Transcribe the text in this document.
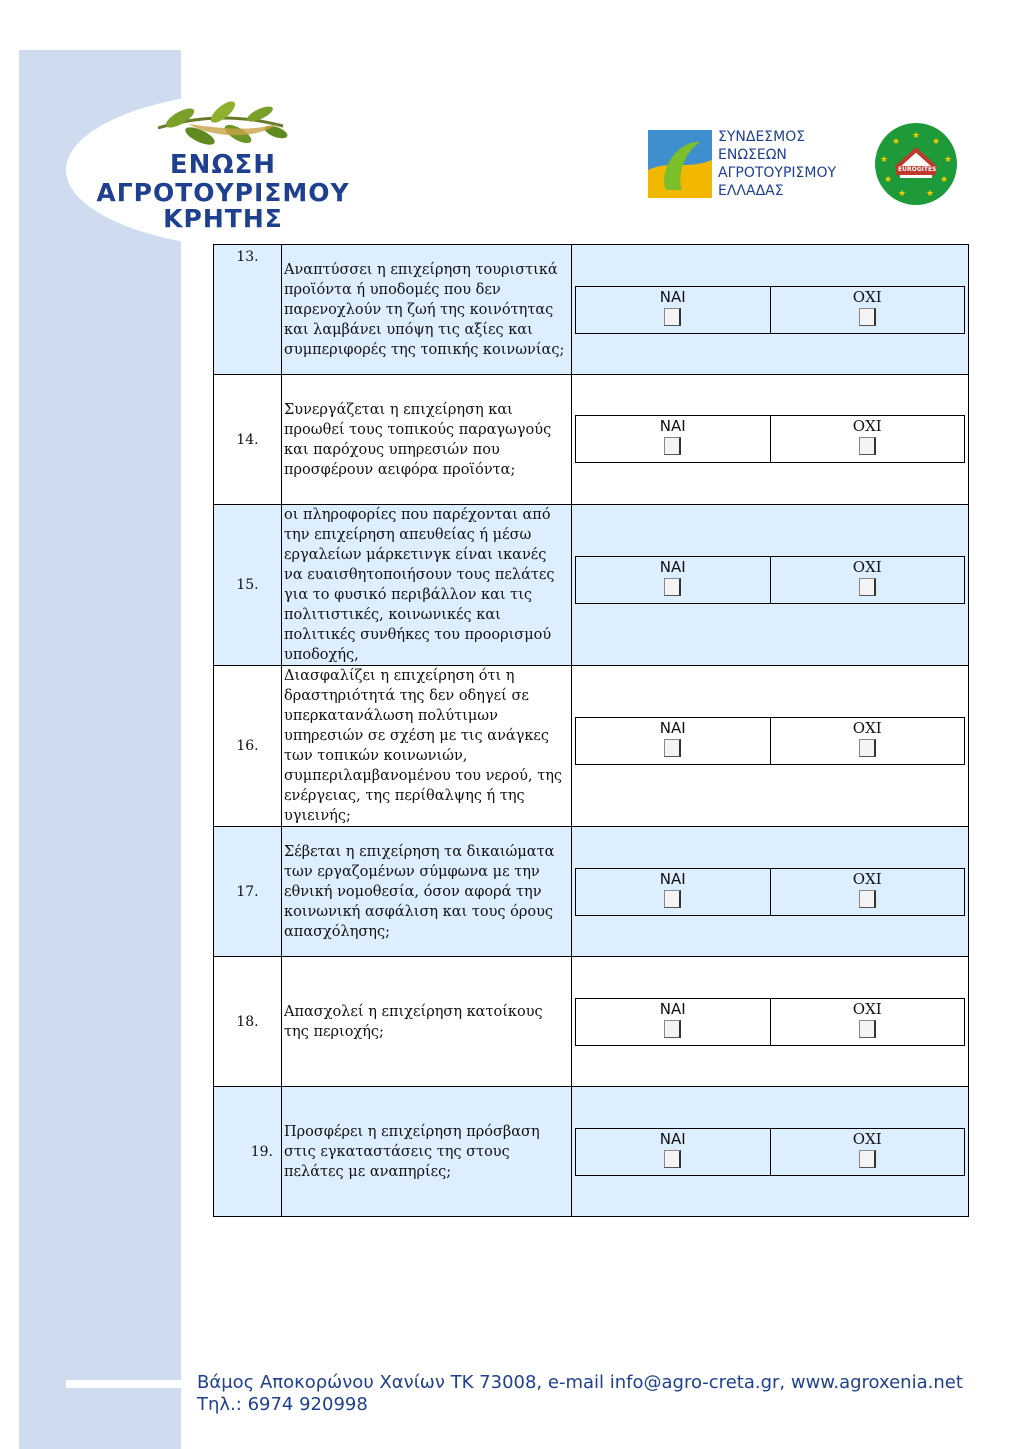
ΕΝΩΣΗ
ΑΓΡΟΤΟΥΡΙΣΜΟΥ
ΚΡΗΤΗΣ
ΣΥΝΔΕΣΜΟΣ
ΕΝΩΣΕΩΝ
ΑΓΡΟΤΟΥΡΙΣΜΟΥ
ΕΛΛΑΔΑΣ
★
★
★
★
★
★
★
★
★
EUROGITES
13.	Αναπτύσσει η επιχείρηση τουριστικά προϊόντα ή υποδομές που δεν παρενοχλούν τη ζωή της κοινότητας και λαμβάνει υπόψη τις αξίες και συμπεριφορές της τοπικής κοινωνίας;	ΝΑΙ ΟΧΙ

14.	Συνεργάζεται η επιχείρηση και προωθεί τους τοπικούς παραγωγούς και παρόχους υπηρεσιών που προσφέρουν αειφόρα προϊόντα;	ΝΑΙ ΟΧΙ

15.	οι πληροφορίες που παρέχονται από την επιχείρηση απευθείας ή μέσω εργαλείων μάρκετινγκ είναι ικανές να ευαισθητοποιήσουν τους πελάτες για το φυσικό περιβάλλον και τις πολιτιστικές, κοινωνικές και πολιτικές συνθήκες του προορισμού υποδοχής,	ΝΑΙ ΟΧΙ

16.	Διασφαλίζει η επιχείρηση ότι η δραστηριότητά της δεν οδηγεί σε υπερκατανάλωση πολύτιμων υπηρεσιών σε σχέση με τις ανάγκες των τοπικών κοινωνιών, συμπεριλαμβανομένου του νερού, της ενέργειας, της περίθαλψης ή της υγιεινής;	ΝΑΙ ΟΧΙ

17.	Σέβεται η επιχείρηση τα δικαιώματα των εργαζομένων σύμφωνα με την εθνική νομοθεσία, όσον αφορά την κοινωνική ασφάλιση και τους όρους απασχόλησης;	ΝΑΙ ΟΧΙ

18.	Απασχολεί η επιχείρηση κατοίκους της περιοχής;	ΝΑΙ ΟΧΙ

19.	Προσφέρει η επιχείρηση πρόσβαση στις εγκαταστάσεις της στους πελάτες με αναπηρίες;	ΝΑΙ ΟΧΙ
Βάμος Αποκορώνου Χανίων ΤΚ 73008, e-mail info@agro-creta.gr, www.agroxenia.net
Τηλ.: 6974 920998
